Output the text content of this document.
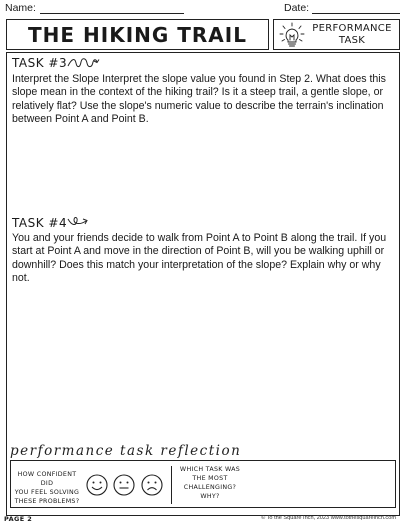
Name:	Date:
THE HIKING TRAIL	PERFORMANCE
TASK
TASK #3

Interpret the Slope Interpret the slope value you found in Step 2. What does this slope mean in the context of the hiking trail? Is it a steep trail, a gentle slope, or relatively flat? Use the slope's numeric value to describe the terrain's inclination between Point A and Point B.

TASK #4

You and your friends decide to walk from Point A to Point B along the trail. If you start at Point A and move in the direction of Point B, will you be walking uphill or downhill? Does this match your interpretation of the slope? Explain why or why not.

performance task reflection
HOW CONFIDENT DID
YOU FEEL SOLVING
THESE PROBLEMS?
WHICH TASK WAS
THE MOST
CHALLENGING? WHY?
PAGE 2	© To the Square Inch, 2023 www.tothesquareinch.com
